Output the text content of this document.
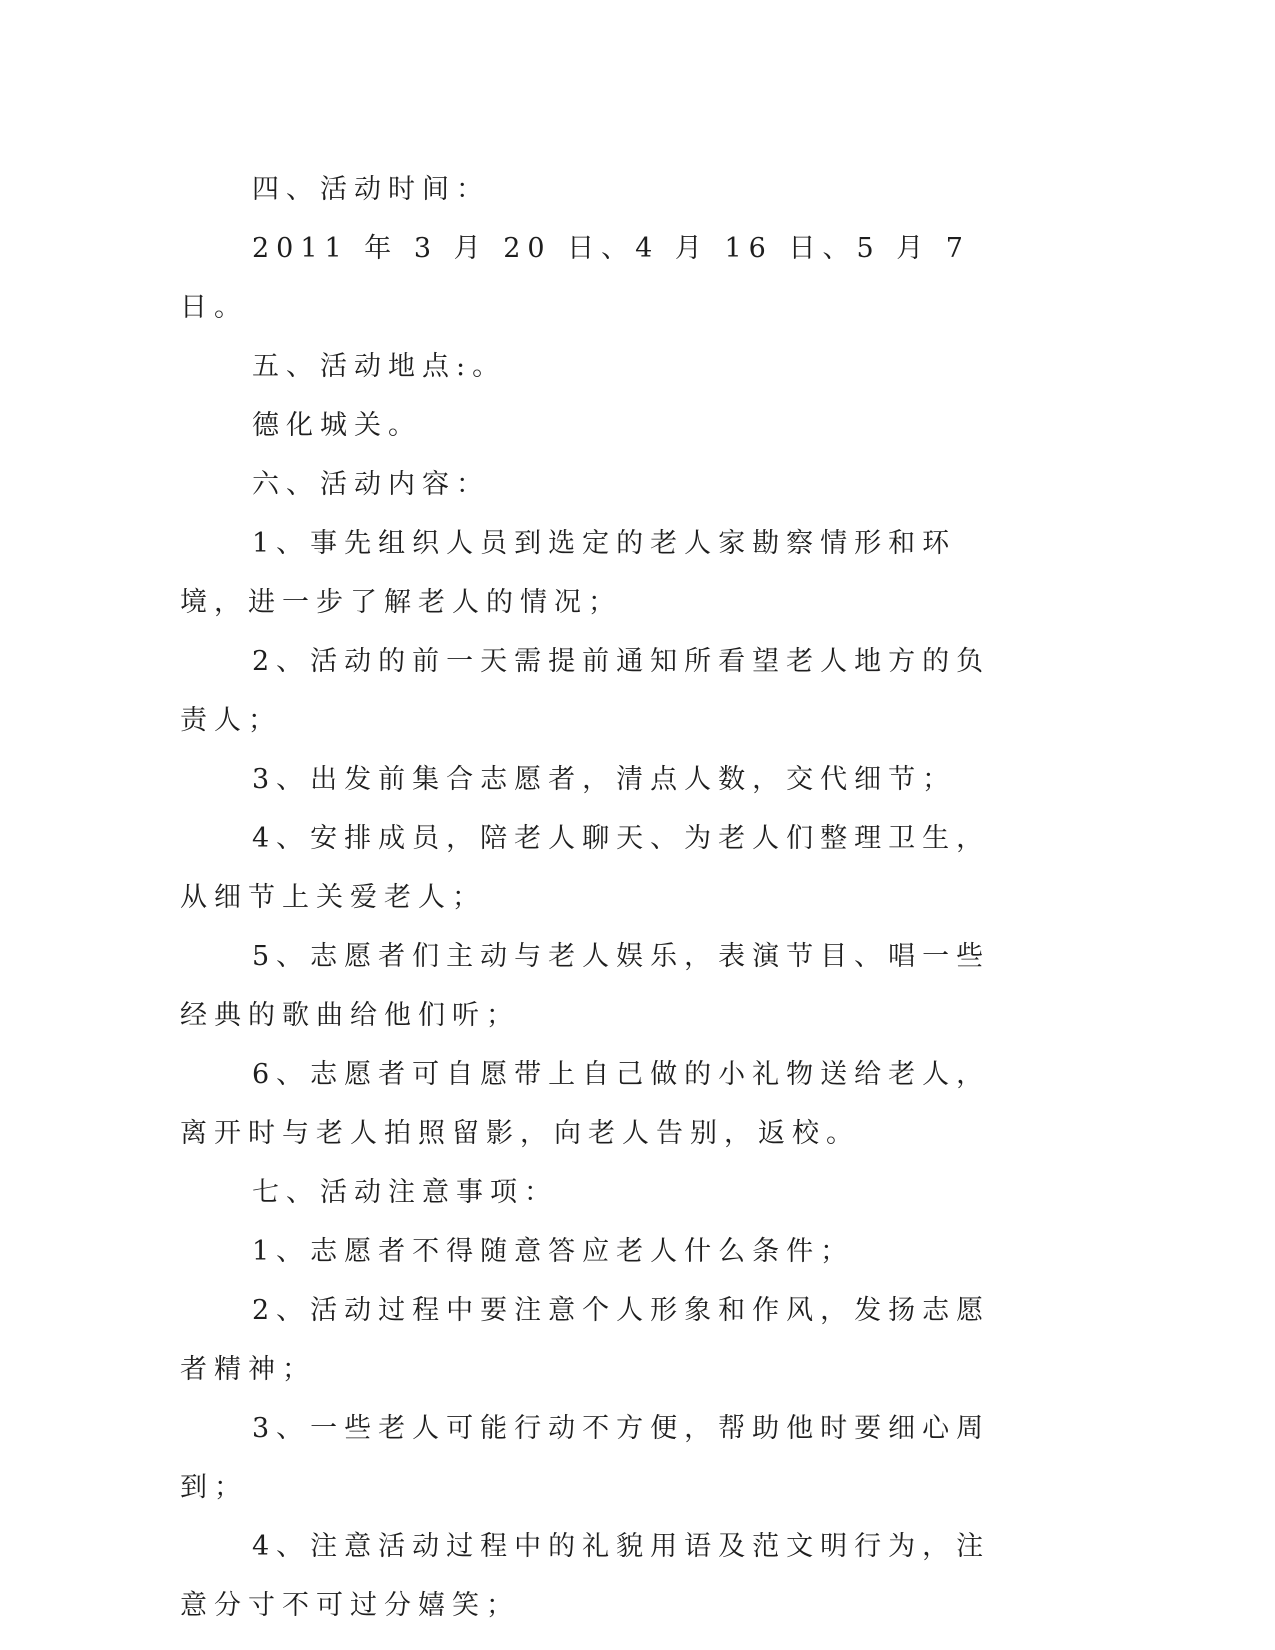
四、活动时间：

2011 年 3 月 20 日、4 月 16 日、5 月 7 日。

五、活动地点:。

德化城关。

六、活动内容：

1、事先组织人员到选定的老人家勘察情形和环境，进一步了解老人的情况；

2、活动的前一天需提前通知所看望老人地方的负责人；

3、出发前集合志愿者，清点人数，交代细节；

4、安排成员，陪老人聊天、为老人们整理卫生，从细节上关爱老人；

5、志愿者们主动与老人娱乐，表演节目、唱一些经典的歌曲给他们听；

6、志愿者可自愿带上自己做的小礼物送给老人，离开时与老人拍照留影，向老人告别，返校。

七、活动注意事项：

1、志愿者不得随意答应老人什么条件；

2、活动过程中要注意个人形象和作风，发扬志愿者精神；

3、一些老人可能行动不方便，帮助他时要细心周到；

4、注意活动过程中的礼貌用语及范文明行为，注意分寸不可过分嬉笑；
